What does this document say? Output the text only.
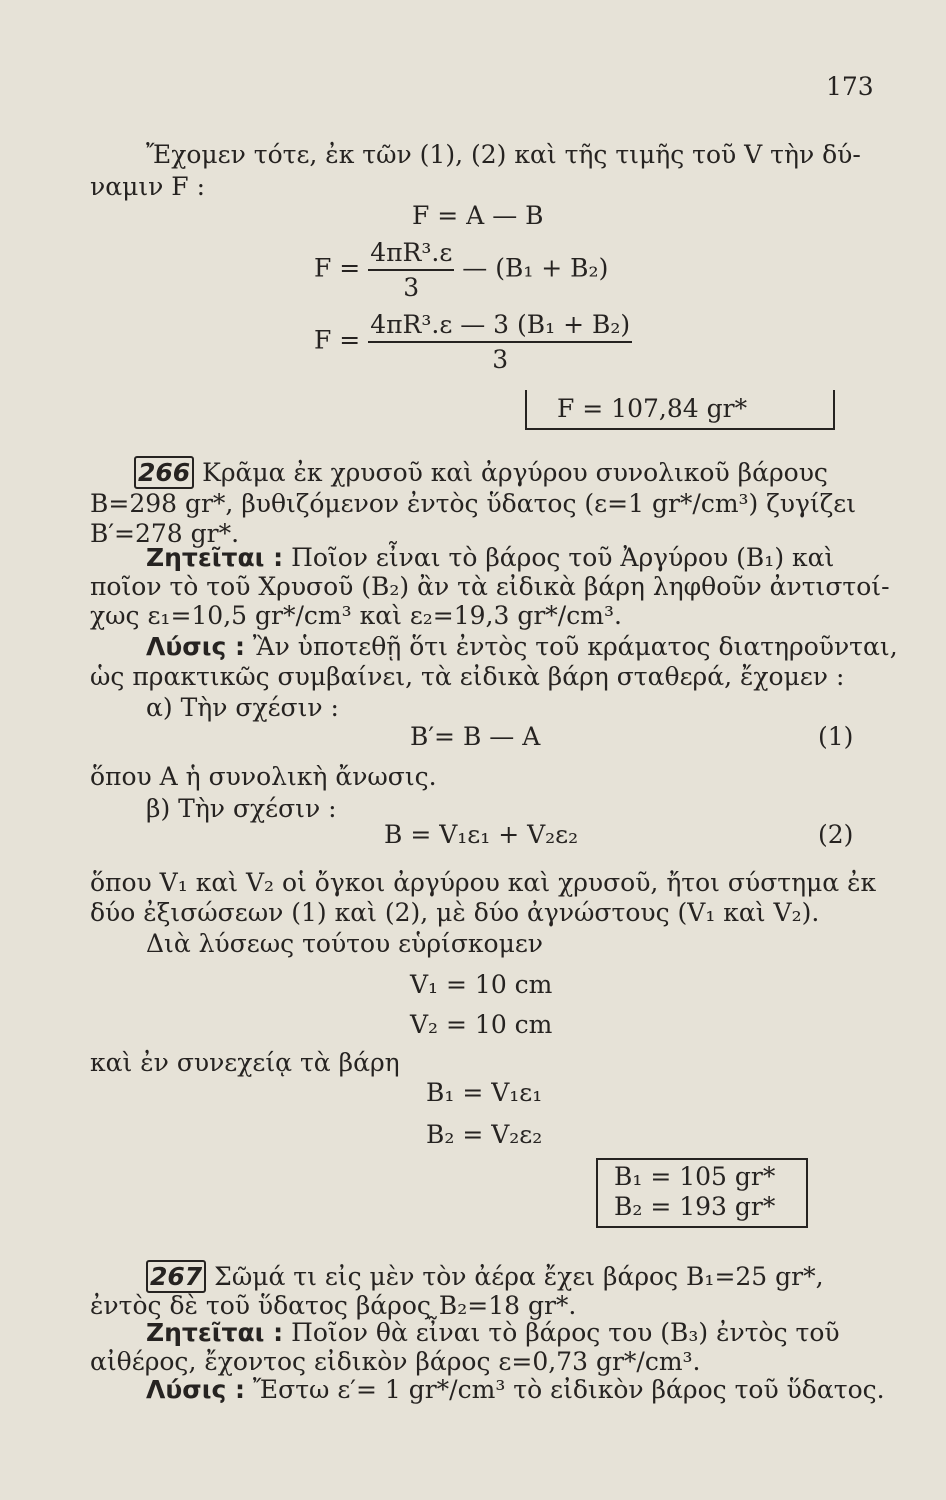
173
Ἔχομεν τότε, ἐκ τῶν (1), (2) καὶ τῆς τιμῆς τοῦ V τὴν δύ-
ναμιν F :
F = A — B
$F = \frac{\text{4πR³.ε}}{3}$ — (B₁ + B₂)
$F = \frac{\text{4πR³.ε — 3 (B₁ + B₂)}}{3}$
F = 107,84 gr*
266 Κρᾶμα ἐκ χρυσοῦ καὶ ἀργύρου συνολικοῦ βάρους
B=298 gr*, βυθιζόμενον ἐντὸς ὕδατος (ε=1 gr*/cm³) ζυγίζει
B′=278 gr*.
Ζητεῖται : Ποῖον εἶναι τὸ βάρος τοῦ Ἀργύρου (B₁) καὶ
ποῖον τὸ τοῦ Χρυσοῦ (B₂) ἂν τὰ εἰδικὰ βάρη ληφθοῦν ἀντιστοί-
χως ε₁=10,5 gr*/cm³ καὶ ε₂=19,3 gr*/cm³.
Λύσις : Ἂν ὑποτεθῇ ὅτι ἐντὸς τοῦ κράματος διατηροῦνται,
ὡς πρακτικῶς συμβαίνει, τὰ εἰδικὰ βάρη σταθερά, ἔχομεν :
α) Τὴν σχέσιν :
B′= B — A	(1)
ὅπου A ἡ συνολικὴ ἄνωσις.
β) Τὴν σχέσιν :
B = V₁ε₁ + V₂ε₂	(2)
ὅπου V₁ καὶ V₂ οἱ ὄγκοι ἀργύρου καὶ χρυσοῦ, ἤτοι σύστημα ἐκ
δύο ἐξισώσεων (1) καὶ (2), μὲ δύο ἀγνώστους (V₁ καὶ V₂).
Διὰ λύσεως τούτου εὑρίσκομεν
V₁ = 10 cm
V₂ = 10 cm
καὶ ἐν συνεχείᾳ τὰ βάρη
B₁ = V₁ε₁
B₂ = V₂ε₂
B₁ = 105 gr*
B₂ = 193 gr*
267 Σῶμά τι εἰς μὲν τὸν ἀέρα ἔχει βάρος B₁=25 gr*,
ἐντὸς δὲ τοῦ ὕδατος βάρος B₂=18 gr*.
Ζητεῖται : Ποῖον θὰ εἶναι τὸ βάρος του (B₃) ἐντὸς τοῦ
αἰθέρος, ἔχοντος εἰδικὸν βάρος ε=0,73 gr*/cm³.
Λύσις : Ἔστω ε′= 1 gr*/cm³ τὸ εἰδικὸν βάρος τοῦ ὕδατος.
